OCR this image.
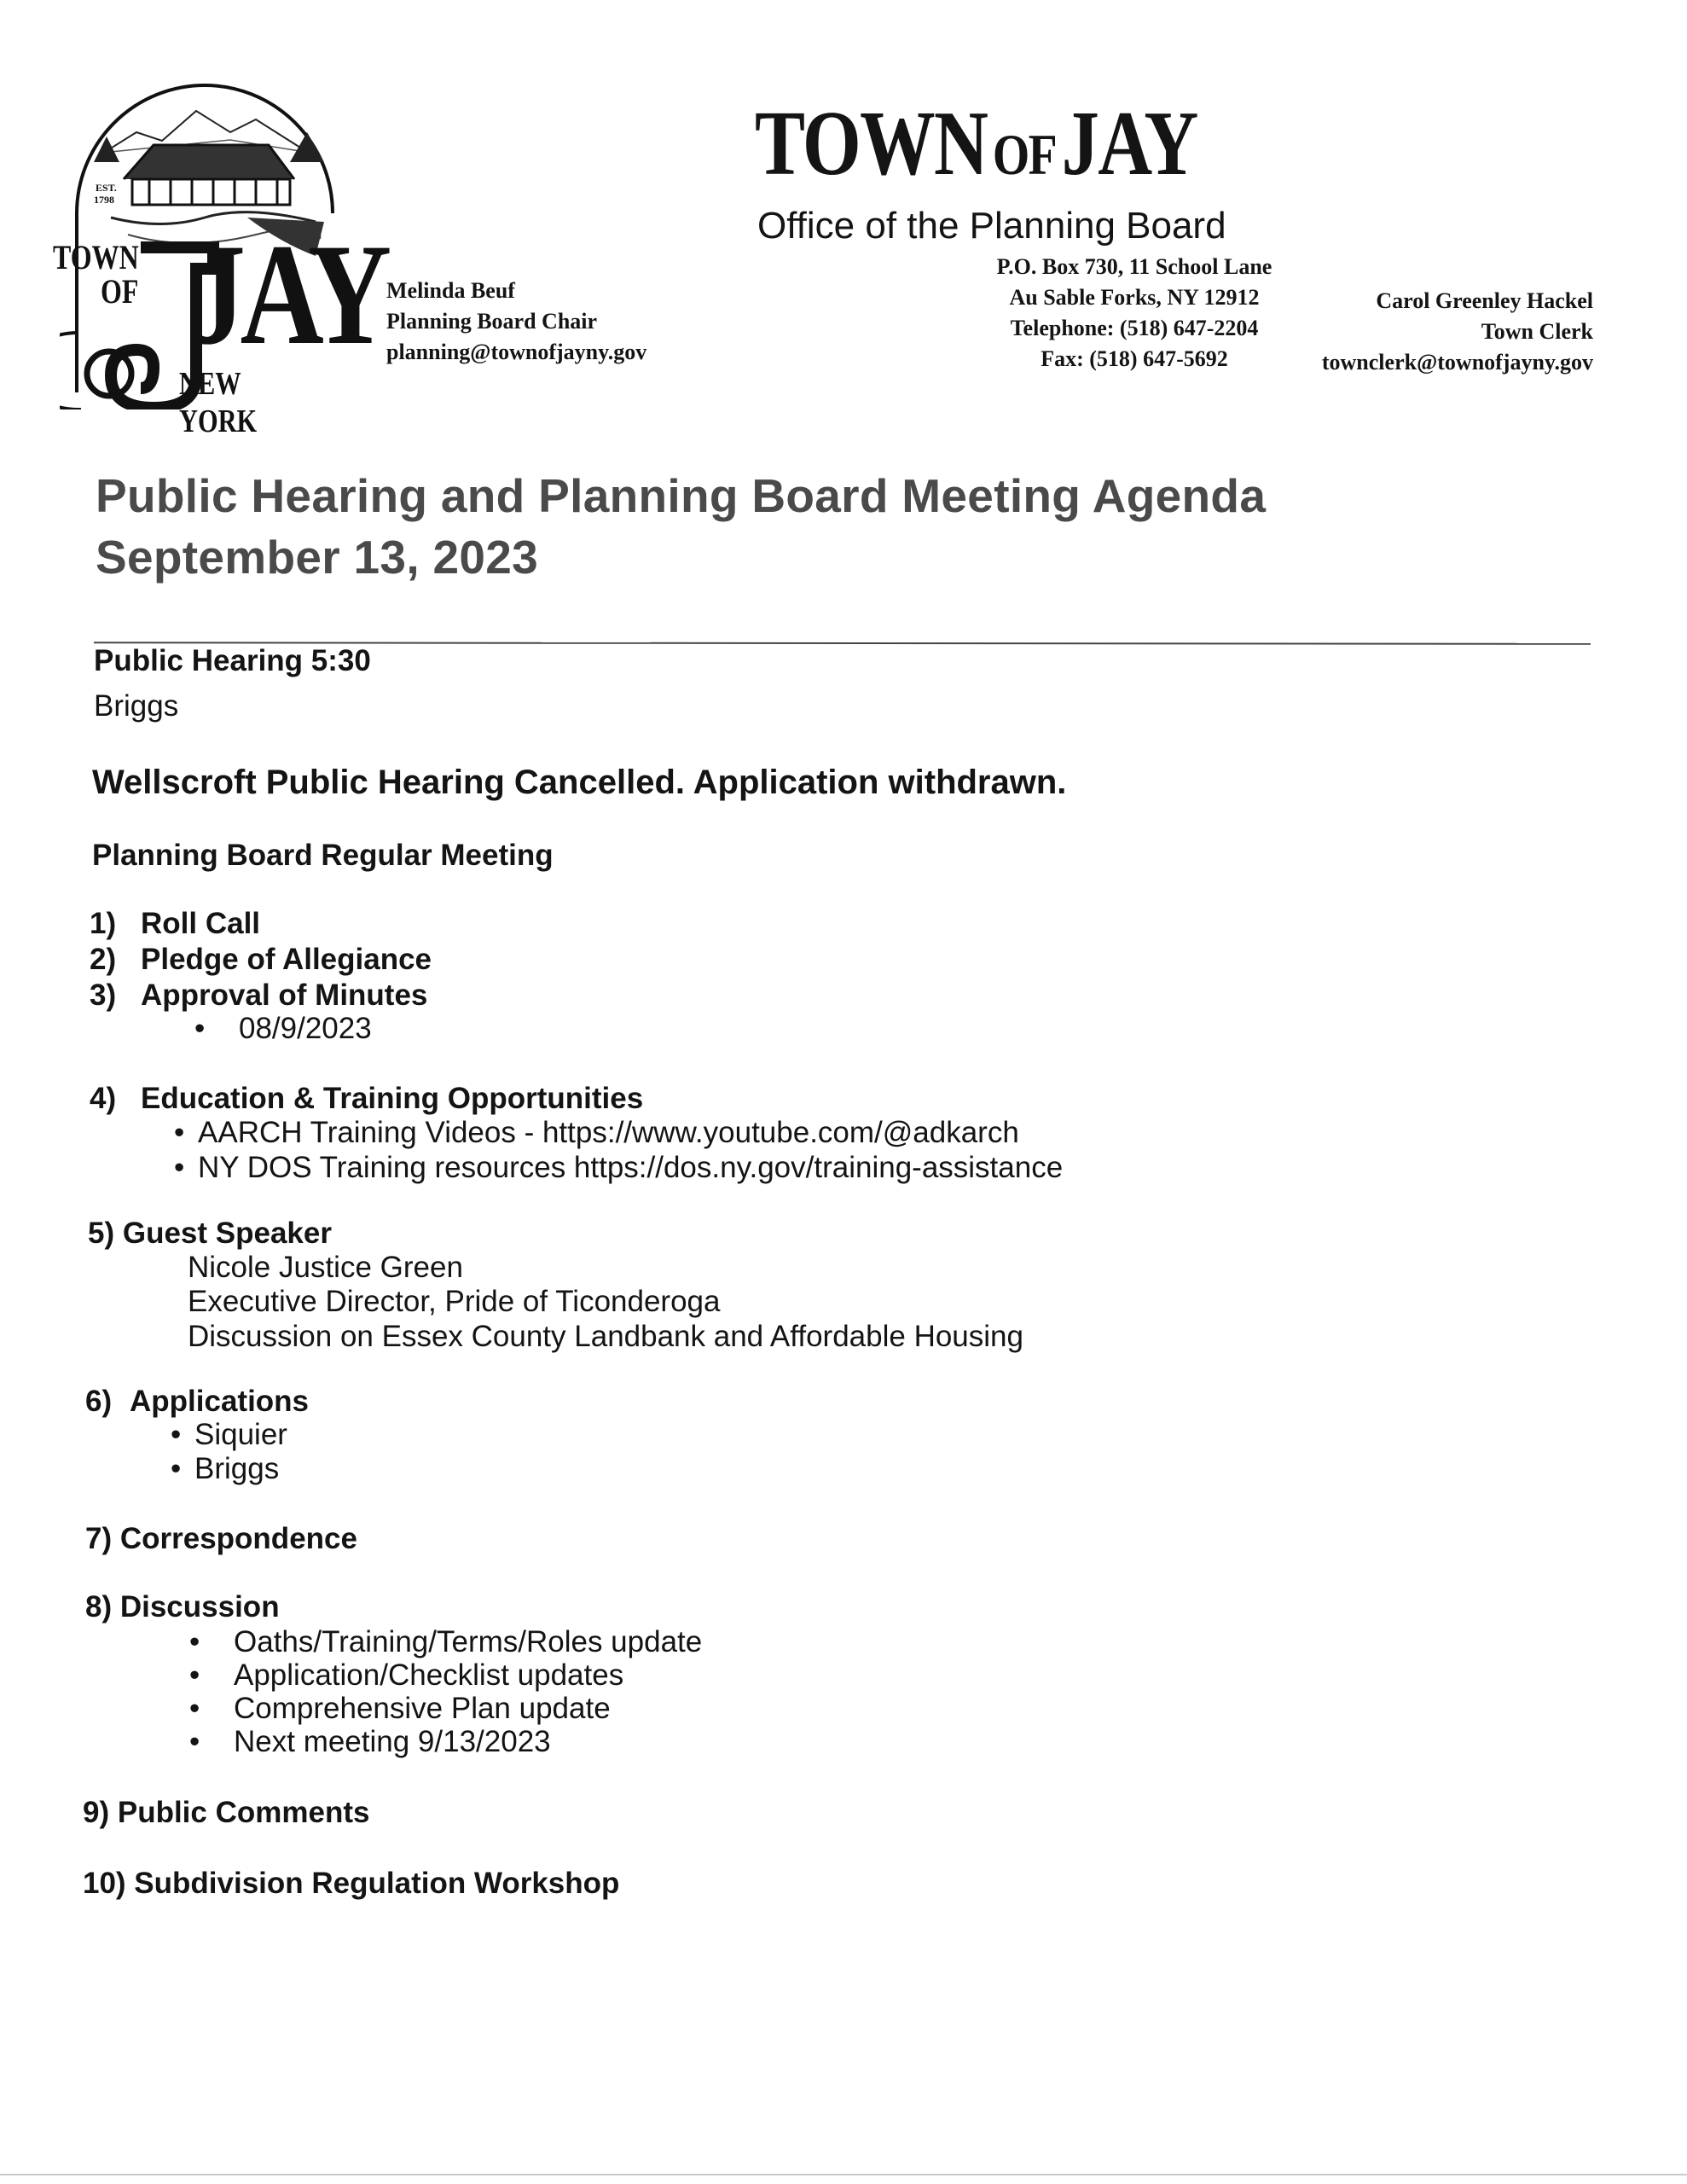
EST.
1798
TOWN
OF JAY
NEW YORK
TOWNOFJAY
Office of the Planning Board
P.O. Box 730, 11 School Lane
Au Sable Forks, NY 12912
Telephone: (518) 647-2204
Fax: (518) 647-5692
Melinda Beuf
Planning Board Chair
planning@townofjayny.gov
Carol Greenley Hackel
Town Clerk
townclerk@townofjayny.gov
Public Hearing and Planning Board Meeting Agenda
September 13, 2023
Public Hearing 5:30
Briggs
Wellscroft Public Hearing Cancelled. Application withdrawn.
Planning Board Regular Meeting
1) Roll Call
2) Pledge of Allegiance
3) Approval of Minutes
• 08/9/2023
4) Education & Training Opportunities
• AARCH Training Videos - https://www.youtube.com/@adkarch
• NY DOS Training resources https://dos.ny.gov/training-assistance
5) Guest Speaker
Nicole Justice Green
Executive Director, Pride of Ticonderoga
Discussion on Essex County Landbank and Affordable Housing
6) Applications
• Siquier
• Briggs
7) Correspondence
8) Discussion
• Oaths/Training/Terms/Roles update
• Application/Checklist updates
• Comprehensive Plan update
• Next meeting 9/13/2023
9) Public Comments
10) Subdivision Regulation Workshop
